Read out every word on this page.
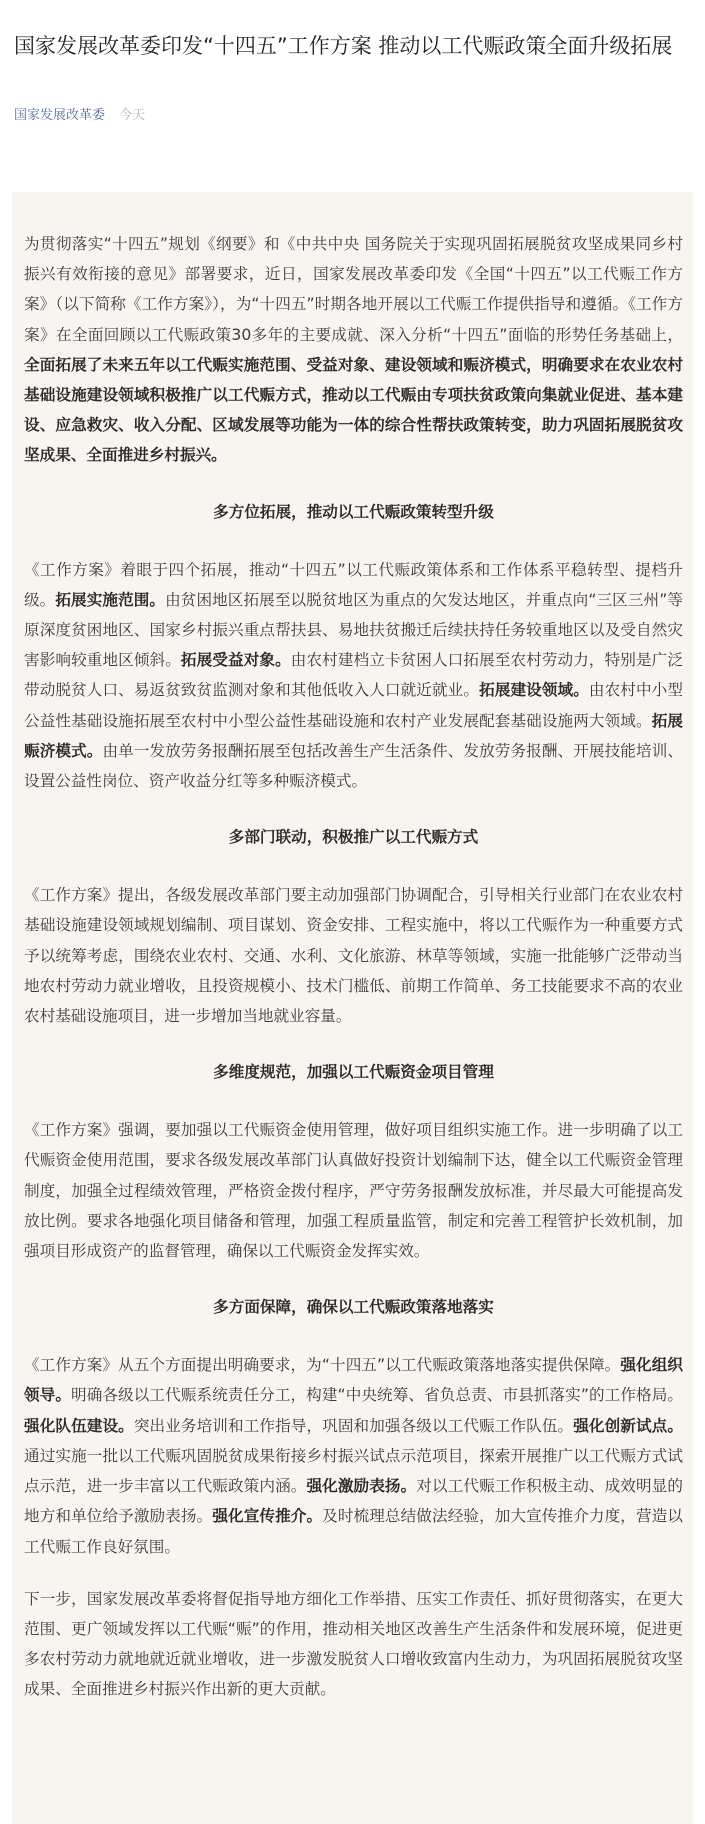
国家发展改革委印发“十四五”工作方案 推动以工代赈政策全面升级拓展
国家发展改革委 今天

为贯彻落实“十四五”规划《纲要》和《中共中央 国务院关于实现巩固拓展脱贫攻坚成果同乡村振兴有效衔接的意见》部署要求，近日，国家发展改革委印发《全国“十四五”以工代赈工作方案》（以下简称《工作方案》），为“十四五”时期各地开展以工代赈工作提供指导和遵循。《工作方案》在全面回顾以工代赈政策30多年的主要成就、深入分析“十四五”面临的形势任务基础上，全面拓展了未来五年以工代赈实施范围、受益对象、建设领域和赈济模式，明确要求在农业农村基础设施建设领域积极推广以工代赈方式，推动以工代赈由专项扶贫政策向集就业促进、基本建设、应急救灾、收入分配、区域发展等功能为一体的综合性帮扶政策转变，助力巩固拓展脱贫攻坚成果、全面推进乡村振兴。

多方位拓展，推动以工代赈政策转型升级

《工作方案》着眼于四个拓展，推动“十四五”以工代赈政策体系和工作体系平稳转型、提档升级。拓展实施范围。由贫困地区拓展至以脱贫地区为重点的欠发达地区，并重点向“三区三州”等原深度贫困地区、国家乡村振兴重点帮扶县、易地扶贫搬迁后续扶持任务较重地区以及受自然灾害影响较重地区倾斜。拓展受益对象。由农村建档立卡贫困人口拓展至农村劳动力，特别是广泛带动脱贫人口、易返贫致贫监测对象和其他低收入人口就近就业。拓展建设领域。由农村中小型公益性基础设施拓展至农村中小型公益性基础设施和农村产业发展配套基础设施两大领域。拓展赈济模式。由单一发放劳务报酬拓展至包括改善生产生活条件、发放劳务报酬、开展技能培训、设置公益性岗位、资产收益分红等多种赈济模式。

多部门联动，积极推广以工代赈方式

《工作方案》提出，各级发展改革部门要主动加强部门协调配合，引导相关行业部门在农业农村基础设施建设领域规划编制、项目谋划、资金安排、工程实施中，将以工代赈作为一种重要方式予以统筹考虑，围绕农业农村、交通、水利、文化旅游、林草等领域，实施一批能够广泛带动当地农村劳动力就业增收，且投资规模小、技术门槛低、前期工作简单、务工技能要求不高的农业农村基础设施项目，进一步增加当地就业容量。

多维度规范，加强以工代赈资金项目管理

《工作方案》强调，要加强以工代赈资金使用管理，做好项目组织实施工作。进一步明确了以工代赈资金使用范围，要求各级发展改革部门认真做好投资计划编制下达，健全以工代赈资金管理制度，加强全过程绩效管理，严格资金拨付程序，严守劳务报酬发放标准，并尽最大可能提高发放比例。要求各地强化项目储备和管理，加强工程质量监管，制定和完善工程管护长效机制，加强项目形成资产的监督管理，确保以工代赈资金发挥实效。

多方面保障，确保以工代赈政策落地落实

《工作方案》从五个方面提出明确要求，为“十四五”以工代赈政策落地落实提供保障。强化组织领导。明确各级以工代赈系统责任分工，构建“中央统筹、省负总责、市县抓落实”的工作格局。强化队伍建设。突出业务培训和工作指导，巩固和加强各级以工代赈工作队伍。强化创新试点。通过实施一批以工代赈巩固脱贫成果衔接乡村振兴试点示范项目，探索开展推广以工代赈方式试点示范，进一步丰富以工代赈政策内涵。强化激励表扬。对以工代赈工作积极主动、成效明显的地方和单位给予激励表扬。强化宣传推介。及时梳理总结做法经验，加大宣传推介力度，营造以工代赈工作良好氛围。

下一步，国家发展改革委将督促指导地方细化工作举措、压实工作责任、抓好贯彻落实，在更大范围、更广领域发挥以工代赈“赈”的作用，推动相关地区改善生产生活条件和发展环境，促进更多农村劳动力就地就近就业增收，进一步激发脱贫人口增收致富内生动力，为巩固拓展脱贫攻坚成果、全面推进乡村振兴作出新的更大贡献。
